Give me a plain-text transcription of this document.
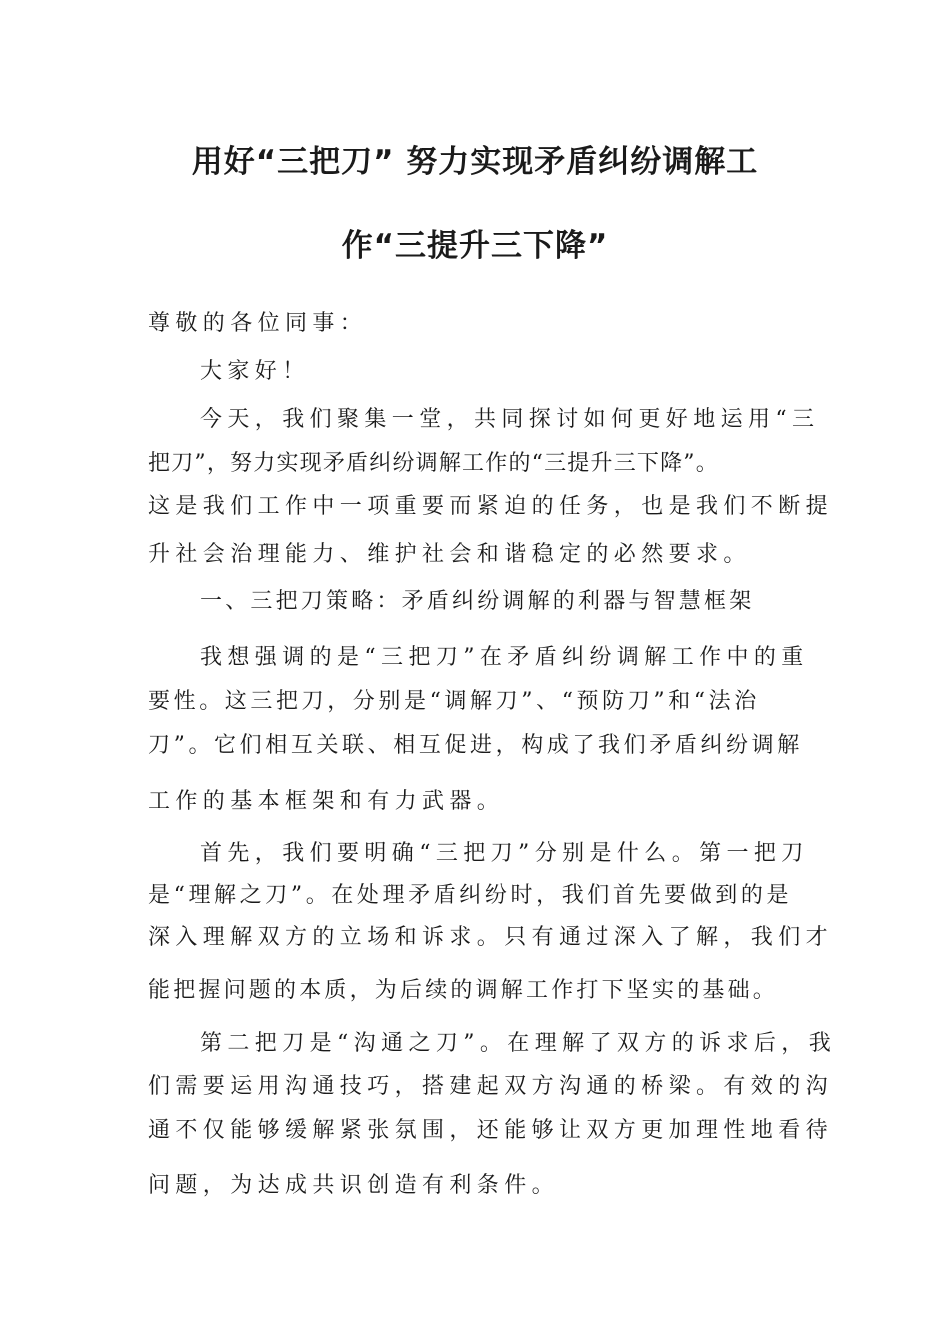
用好“三把刀” 努力实现矛盾纠纷调解工
作“三提升三下降”

尊敬的各位同事：

大家好！

今天，我们聚集一堂，共同探讨如何更好地运用“三

把刀”，努力实现矛盾纠纷调解工作的“三提升三下降”。

这是我们工作中一项重要而紧迫的任务，也是我们不断提

升社会治理能力、维护社会和谐稳定的必然要求。

一、三把刀策略：矛盾纠纷调解的利器与智慧框架

我想强调的是“三把刀”在矛盾纠纷调解工作中的重

要性。这三把刀，分别是“调解刀”、“预防刀”和“法治

刀”。它们相互关联、相互促进，构成了我们矛盾纠纷调解

工作的基本框架和有力武器。

首先，我们要明确“三把刀”分别是什么。第一把刀

是“理解之刀”。在处理矛盾纠纷时，我们首先要做到的是

深入理解双方的立场和诉求。只有通过深入了解，我们才

能把握问题的本质，为后续的调解工作打下坚实的基础。

第二把刀是“沟通之刀”。在理解了双方的诉求后，我

们需要运用沟通技巧，搭建起双方沟通的桥梁。有效的沟

通不仅能够缓解紧张氛围，还能够让双方更加理性地看待

问题，为达成共识创造有利条件。
